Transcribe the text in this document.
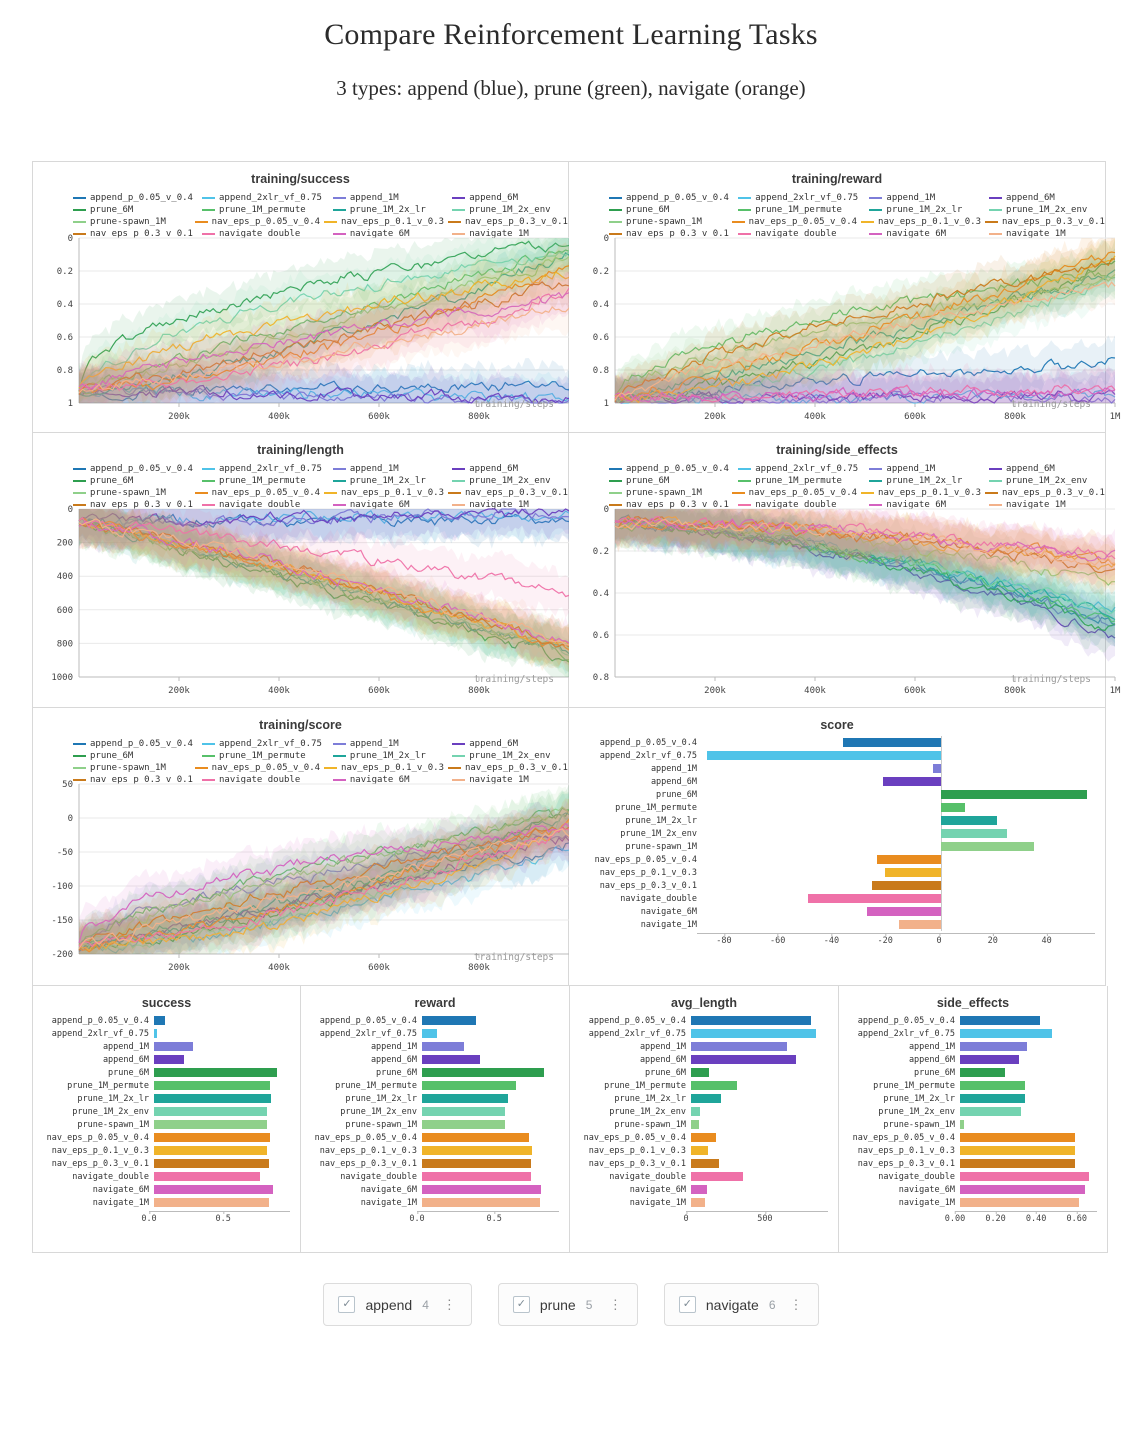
Compare Reinforcement Learning Tasks
3 types: append (blue), prune (green), navigate (orange)
training/success
append_p_0.05_v_0.4	append_2xlr_vf_0.75	append_1M	append_6M
prune_6M	prune_1M_permute	prune_1M_2x_lr	prune_1M_2x_env
prune-spawn_1M	nav_eps_p_0.05_v_0.4 nav_eps_p_0.1_v_0.3 nav_eps_p_0.3_v_0.1
nav_eps_p_0.3_v_0.1	navigate_double	navigate_6M	navigate_1M
0
0.2
0.4
0.6
0.8
1
200k	400k	600k	800k
training/steps
training/reward
append_p_0.05_v_0.4	append_2xlr_vf_0.75	append_1M	append_6M
prune_6M	prune_1M_permute	prune_1M_2x_lr	prune_1M_2x_env
prune-spawn_1M	nav_eps_p_0.05_v_0.4 nav_eps_p_0.1_v_0.3 nav_eps_p_0.3_v_0.1
nav_eps_p_0.3_v_0.1	navigate_double	navigate_6M	navigate_1M
0
0.2
0.4
0.6
0.8
1
200k	400k	600k	800k	1M
training/steps
training/length
append_p_0.05_v_0.4	append_2xlr_vf_0.75	append_1M	append_6M
prune_6M	prune_1M_permute	prune_1M_2x_lr	prune_1M_2x_env
prune-spawn_1M	nav_eps_p_0.05_v_0.4 nav_eps_p_0.1_v_0.3 nav_eps_p_0.3_v_0.1
nav_eps_p_0.3_v_0.1	navigate_double	navigate_6M	navigate_1M
0
200
400
600
800
1000
200k	400k	600k	800k
training/steps
training/side_effects
append_p_0.05_v_0.4	append_2xlr_vf_0.75	append_1M	append_6M
prune_6M	prune_1M_permute	prune_1M_2x_lr	prune_1M_2x_env
prune-spawn_1M	nav_eps_p_0.05_v_0.4 nav_eps_p_0.1_v_0.3 nav_eps_p_0.3_v_0.1
nav_eps_p_0.3_v_0.1	navigate_double	navigate_6M	navigate_1M
0
0.2
0.4
0.6
0.8
200k	400k	600k	800k	1M
training/steps
training/score
append_p_0.05_v_0.4	append_2xlr_vf_0.75	append_1M	append_6M
prune_6M	prune_1M_permute	prune_1M_2x_lr	prune_1M_2x_env
prune-spawn_1M	nav_eps_p_0.05_v_0.4 nav_eps_p_0.1_v_0.3 nav_eps_p_0.3_v_0.1
nav_eps_p_0.3_v_0.1	navigate_double	navigate_6M	navigate_1M
50
0
-50
-100
-150
-200
200k	400k	600k	800k
training/steps
score
append_p_0.05_v_0.4
append_2xlr_vf_0.75
append_1M
append_6M
prune_6M
prune_1M_permute
prune_1M_2x_lr
prune_1M_2x_env
prune-spawn_1M
nav_eps_p_0.05_v_0.4
nav_eps_p_0.1_v_0.3
nav_eps_p_0.3_v_0.1
navigate_double
navigate_6M
navigate_1M
-80	-60	-40	-20	0	20	40
success
append_p_0.05_v_0.4
append_2xlr_vf_0.75
append_1M
append_6M
prune_6M
prune_1M_permute
prune_1M_2x_lr
prune_1M_2x_env
prune-spawn_1M
nav_eps_p_0.05_v_0.4
nav_eps_p_0.1_v_0.3
nav_eps_p_0.3_v_0.1
navigate_double
navigate_6M
navigate_1M
0.0	0.5
reward
append_p_0.05_v_0.4
append_2xlr_vf_0.75
append_1M
append_6M
prune_6M
prune_1M_permute
prune_1M_2x_lr
prune_1M_2x_env
prune-spawn_1M
nav_eps_p_0.05_v_0.4
nav_eps_p_0.1_v_0.3
nav_eps_p_0.3_v_0.1
navigate_double
navigate_6M
navigate_1M
0.0	0.5
avg_length
append_p_0.05_v_0.4
append_2xlr_vf_0.75
append_1M
append_6M
prune_6M
prune_1M_permute
prune_1M_2x_lr
prune_1M_2x_env
prune-spawn_1M
nav_eps_p_0.05_v_0.4
nav_eps_p_0.1_v_0.3
nav_eps_p_0.3_v_0.1
navigate_double
navigate_6M
navigate_1M
0	500
side_effects
append_p_0.05_v_0.4
append_2xlr_vf_0.75
append_1M
append_6M
prune_6M
prune_1M_permute
prune_1M_2x_lr
prune_1M_2x_env
prune-spawn_1M
nav_eps_p_0.05_v_0.4
nav_eps_p_0.1_v_0.3
nav_eps_p_0.3_v_0.1
navigate_double
navigate_6M
navigate_1M
0.00 0.20 0.40 0.60
✓ append 4 ⋮	✓ prune 5 ⋮	✓ navigate 6 ⋮
